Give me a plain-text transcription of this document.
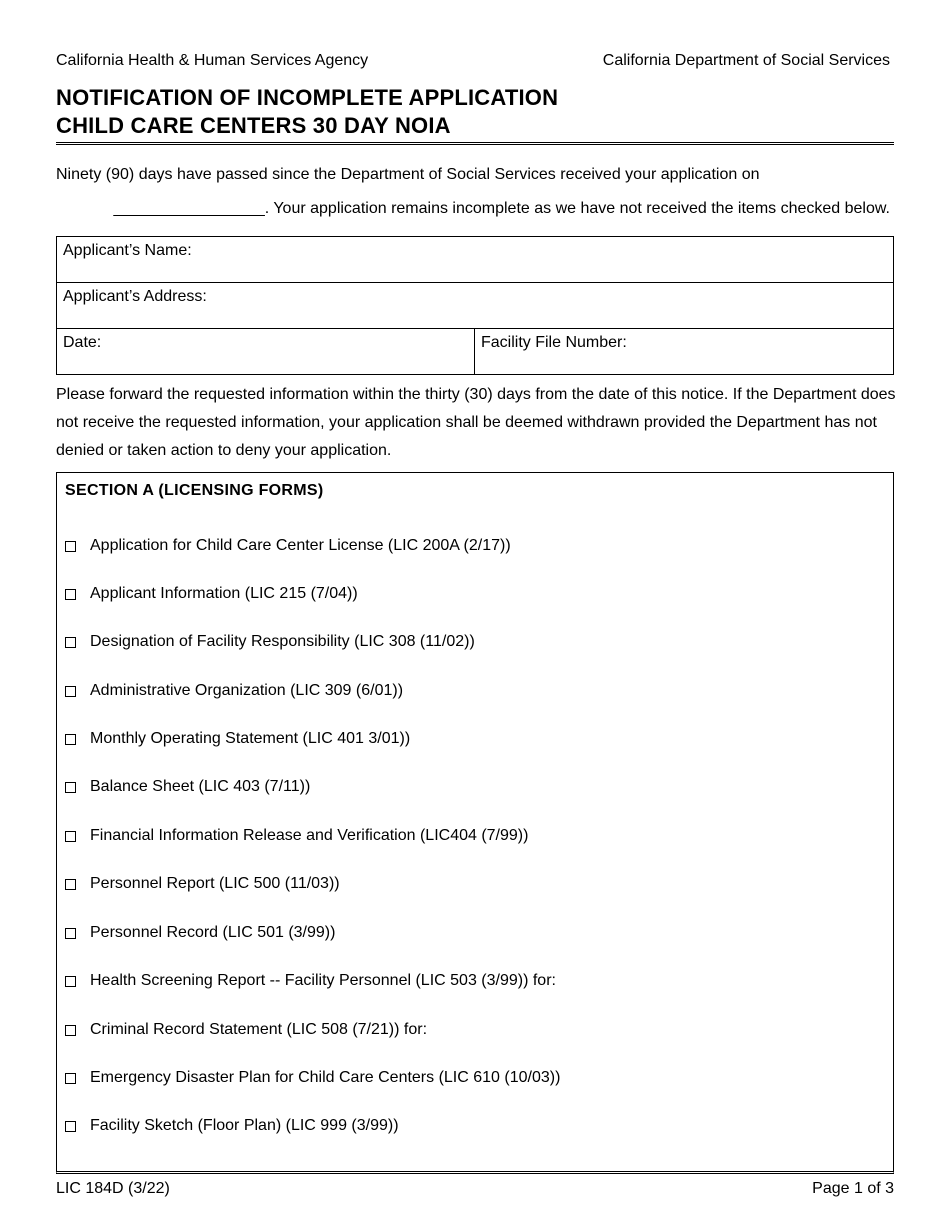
California Health & Human Services Agency	California Department of Social Services
NOTIFICATION OF INCOMPLETE APPLICATION
CHILD CARE CENTERS 30 DAY NOIA
Ninety (90) days have passed since the Department of Social Services received your application on
_________________. Your application remains incomplete as we have not received the items checked below.
Applicant’s Name:
Applicant’s Address:
Date:	Facility File Number:
Please forward the requested information within the thirty (30) days from the date of this notice. If the Department does not receive the requested information, your application shall be deemed withdrawn provided the Department has not denied or taken action to deny your application.
SECTION A (LICENSING FORMS)
Application for Child Care Center License (LIC 200A (2/17))
Applicant Information (LIC 215 (7/04))
Designation of Facility Responsibility (LIC 308 (11/02))
Administrative Organization (LIC 309 (6/01))
Monthly Operating Statement (LIC 401 3/01))
Balance Sheet (LIC 403 (7/11))
Financial Information Release and Verification (LIC404 (7/99))
Personnel Report (LIC 500 (11/03))
Personnel Record (LIC 501 (3/99))
Health Screening Report -- Facility Personnel (LIC 503 (3/99)) for:
Criminal Record Statement (LIC 508 (7/21)) for:
Emergency Disaster Plan for Child Care Centers (LIC 610 (10/03))
Facility Sketch (Floor Plan) (LIC 999 (3/99))
LIC 184D (3/22)	Page 1 of 3
